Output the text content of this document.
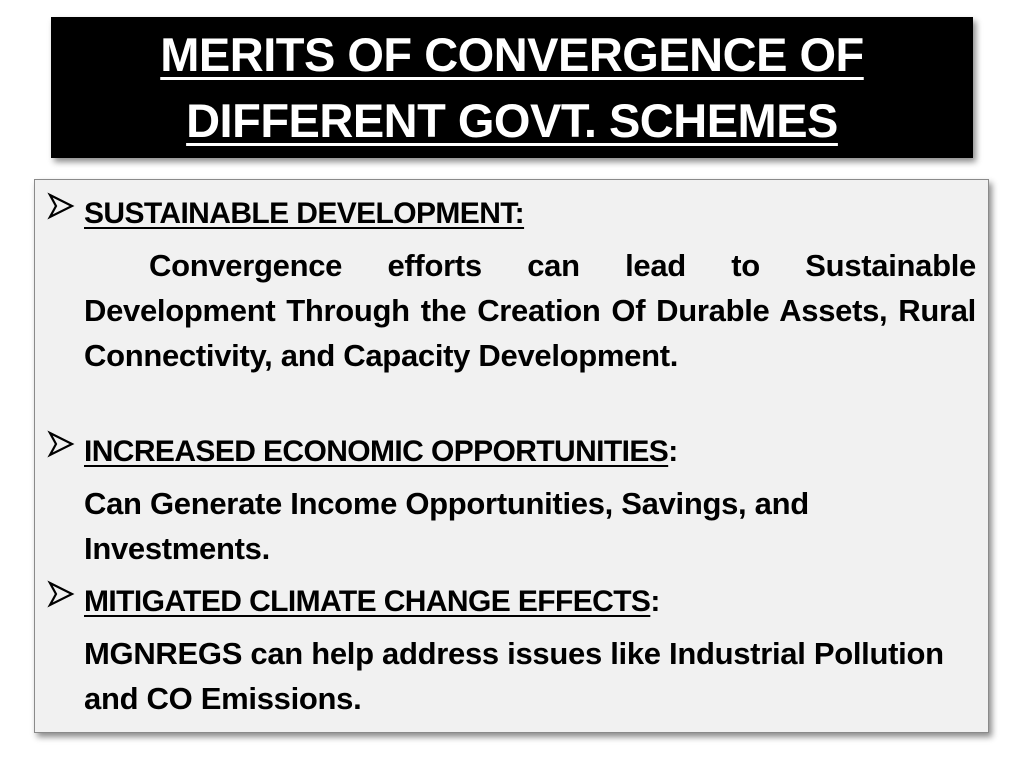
MERITS OF CONVERGENCE OF
DIFFERENT GOVT. SCHEMES
SUSTAINABLE DEVELOPMENT:
Convergence efforts can lead to Sustainable Development Through the Creation Of Durable Assets, Rural Connectivity, and Capacity Development.
INCREASED ECONOMIC OPPORTUNITIES:
Can Generate Income Opportunities, Savings, and Investments.
MITIGATED CLIMATE CHANGE EFFECTS:
MGNREGS can help address issues like Industrial Pollution and CO Emissions.
